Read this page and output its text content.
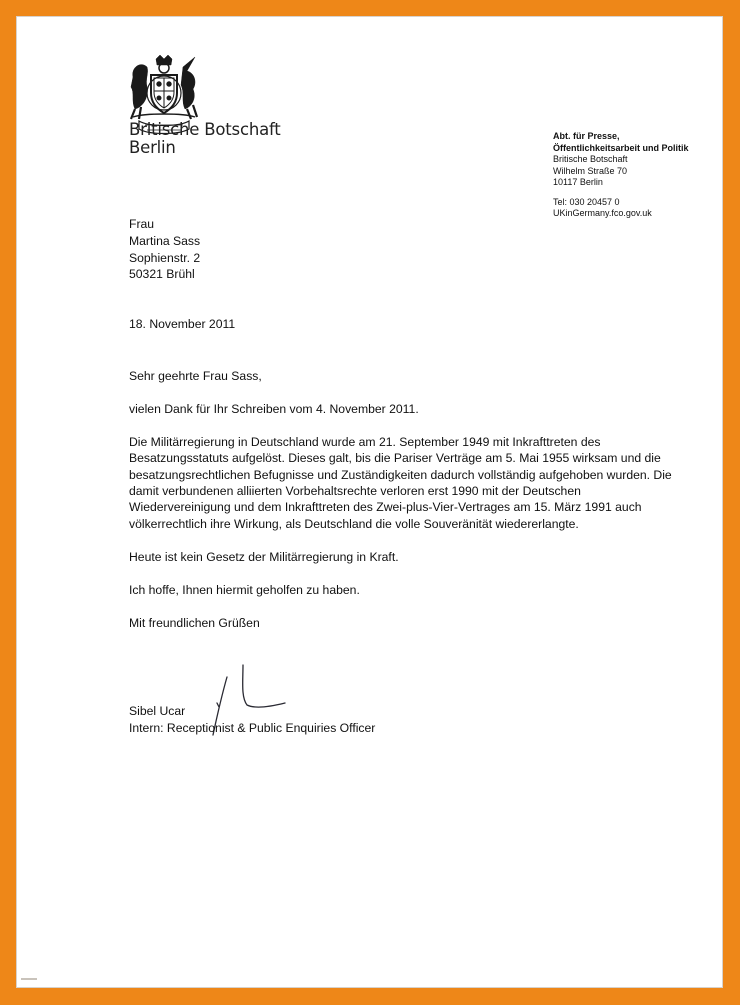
Britische Botschaft
Berlin
Abt. für Presse,
Öffentlichkeitsarbeit und Politik
Britische Botschaft
Wilhelm Straße 70
10117 Berlin
Tel: 030 20457 0
UKinGermany.fco.gov.uk
Frau
Martina Sass
Sophienstr. 2
50321 Brühl
18. November 2011

Sehr geehrte Frau Sass,

vielen Dank für Ihr Schreiben vom 4. November 2011.

Die Militärregierung in Deutschland wurde am 21. September 1949 mit Inkrafttreten des Besatzungsstatuts aufgelöst. Dieses galt, bis die Pariser Verträge am 5. Mai 1955 wirksam und die besatzungsrechtlichen Befugnisse und Zuständigkeiten dadurch vollständig aufgehoben wurden. Die damit verbundenen alliierten Vorbehaltsrechte verloren erst 1990 mit der Deutschen Wiedervereinigung und dem Inkrafttreten des Zwei-plus-Vier-Vertrages am 15. März 1991 auch völkerrechtlich ihre Wirkung, als Deutschland die volle Souveränität wiedererlangte.

Heute ist kein Gesetz der Militärregierung in Kraft.

Ich hoffe, Ihnen hiermit geholfen zu haben.

Mit freundlichen Grüßen

Sibel Ucar
Intern: Receptionist & Public Enquiries Officer
